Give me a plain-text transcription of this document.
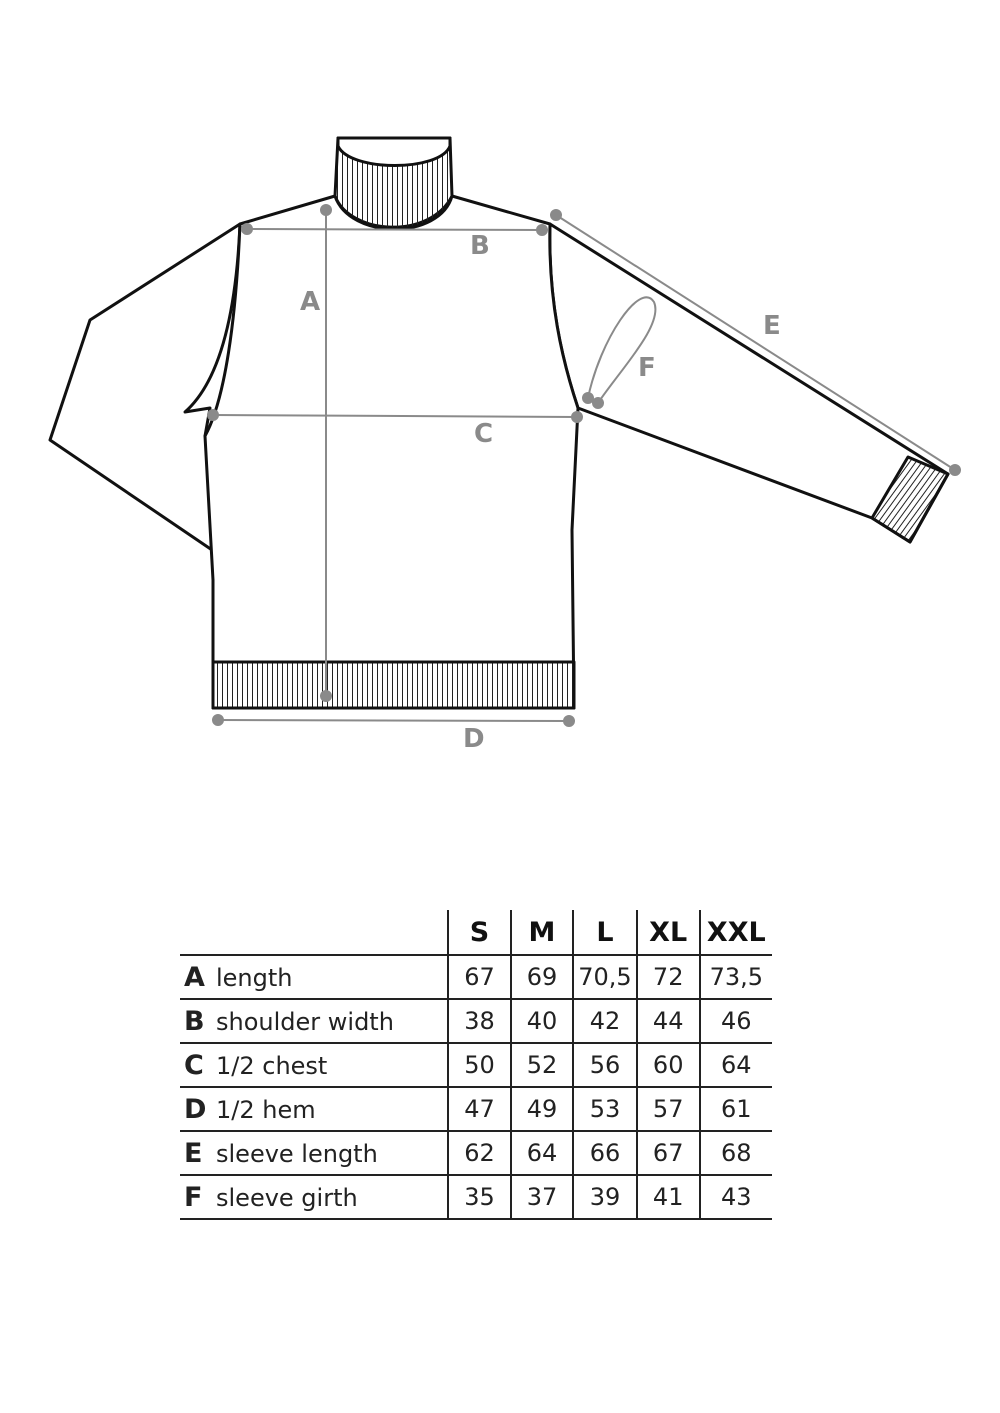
A
B
C
D
E
F
	S	M	L	XL	XXL
A length	67	69	70,5	72	73,5
B shoulder width	38	40	42	44	46
C 1/2 chest	50	52	56	60	64
D 1/2 hem	47	49	53	57	61
E sleeve length	62	64	66	67	68
F sleeve girth	35	37	39	41	43
